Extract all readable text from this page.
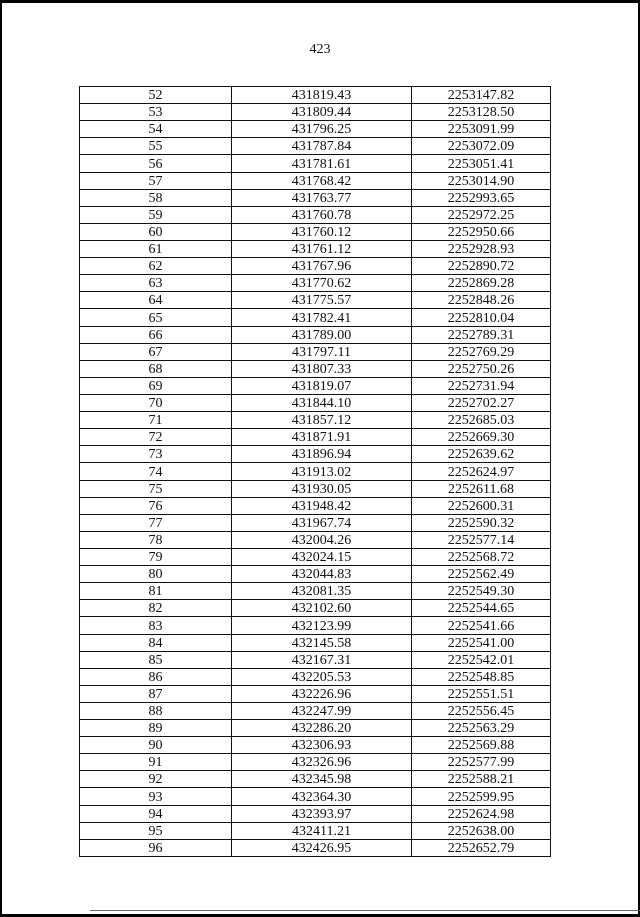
423
52	431819.43	2253147.82
53	431809.44	2253128.50
54	431796.25	2253091.99
55	431787.84	2253072.09
56	431781.61	2253051.41
57	431768.42	2253014.90
58	431763.77	2252993.65
59	431760.78	2252972.25
60	431760.12	2252950.66
61	431761.12	2252928.93
62	431767.96	2252890.72
63	431770.62	2252869.28
64	431775.57	2252848.26
65	431782.41	2252810.04
66	431789.00	2252789.31
67	431797.11	2252769.29
68	431807.33	2252750.26
69	431819.07	2252731.94
70	431844.10	2252702.27
71	431857.12	2252685.03
72	431871.91	2252669.30
73	431896.94	2252639.62
74	431913.02	2252624.97
75	431930.05	2252611.68
76	431948.42	2252600.31
77	431967.74	2252590.32
78	432004.26	2252577.14
79	432024.15	2252568.72
80	432044.83	2252562.49
81	432081.35	2252549.30
82	432102.60	2252544.65
83	432123.99	2252541.66
84	432145.58	2252541.00
85	432167.31	2252542.01
86	432205.53	2252548.85
87	432226.96	2252551.51
88	432247.99	2252556.45
89	432286.20	2252563.29
90	432306.93	2252569.88
91	432326.96	2252577.99
92	432345.98	2252588.21
93	432364.30	2252599.95
94	432393.97	2252624.98
95	432411.21	2252638.00
96	432426.95	2252652.79
